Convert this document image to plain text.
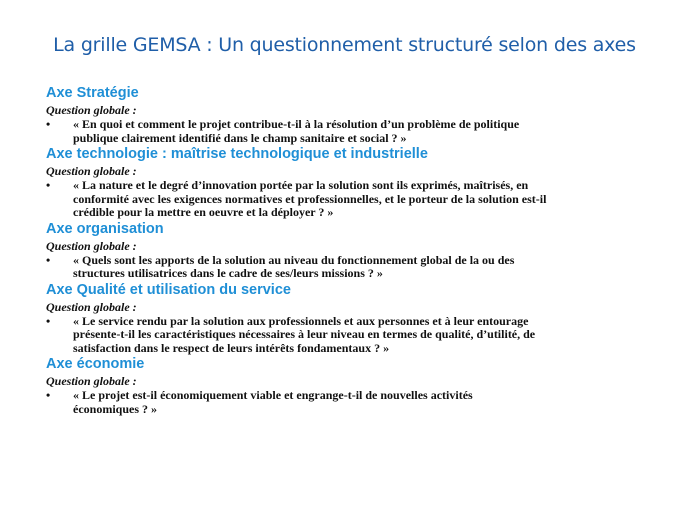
La grille GEMSA : Un questionnement structuré selon des axes
Axe Stratégie
Question globale :
•	« En quoi et comment le projet contribue-t-il à la résolution d’un problème de politique
publique clairement identifié dans le champ sanitaire et social ? »
Axe technologie : maîtrise technologique et industrielle
Question globale :
•	« La nature et le degré d’innovation portée par la solution sont ils exprimés, maîtrisés, en
conformité avec les exigences normatives et professionnelles, et le porteur de la solution est-il
crédible pour la mettre en oeuvre et la déployer ? »
Axe organisation
Question globale :
•	« Quels sont les apports de la solution au niveau du fonctionnement global de la ou des
structures utilisatrices dans le cadre de ses/leurs missions ? »
Axe Qualité et utilisation du service
Question globale :
•	« Le service rendu par la solution aux professionnels et aux personnes et à leur entourage
présente-t-il les caractéristiques nécessaires à leur niveau en termes de qualité, d’utilité, de
satisfaction dans le respect de leurs intérêts fondamentaux ? »
Axe économie
Question globale :
•	« Le projet est-il économiquement viable et engrange-t-il de nouvelles activités
économiques ? »
